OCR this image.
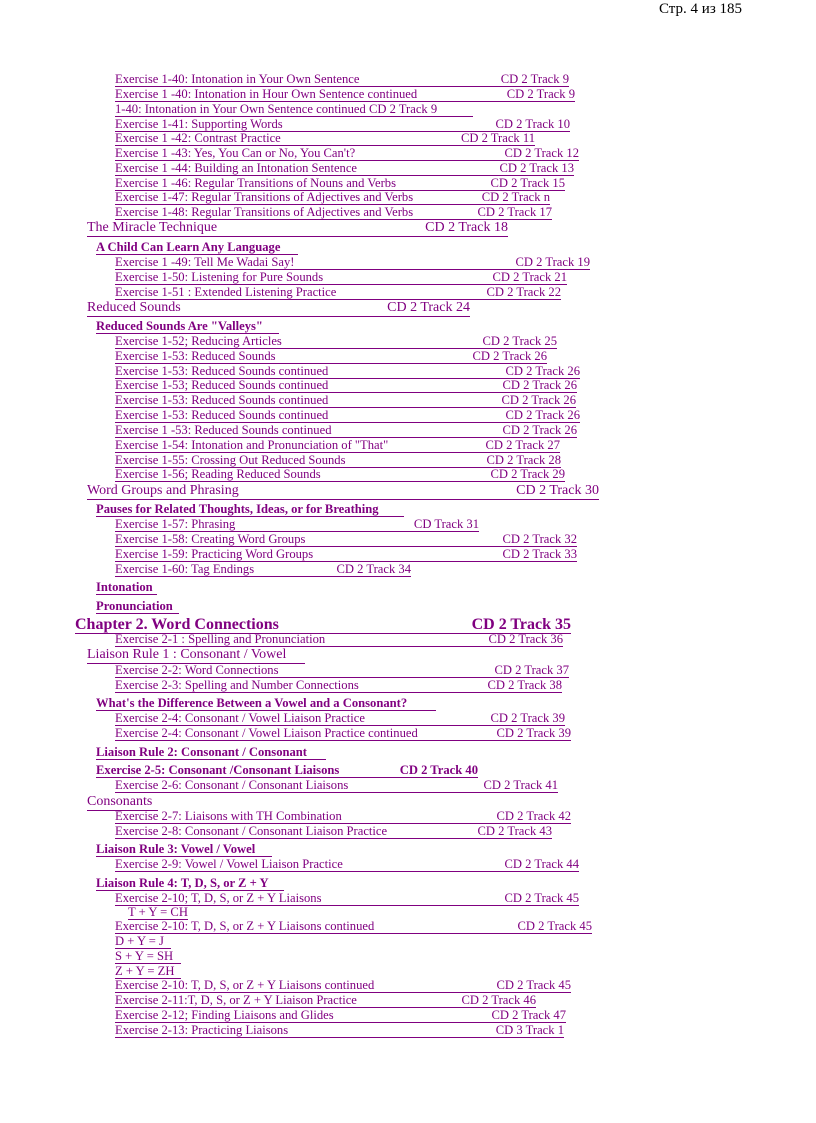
Стр. 4 из 185
Exercise 1-40: Intonation in Your Own Sentence	CD 2 Track 9
Exercise 1 -40: Intonation in Hour Own Sentence continued	CD 2 Track 9
1-40: Intonation in Your Own Sentence continued CD 2 Track 9
Exercise 1-41: Supporting Words	CD 2 Track 10
Exercise 1 -42: Contrast Practice	CD 2 Track 11
Exercise 1 -43: Yes, You Can or No, You Can't?	CD 2 Track 12
Exercise 1 -44: Building an Intonation Sentence	CD 2 Track 13
Exercise 1 -46: Regular Transitions of Nouns and Verbs	CD 2 Track 15
Exercise 1-47: Regular Transitions of Adjectives and Verbs	CD 2 Track n
Exercise 1-48: Regular Transitions of Adjectives and Verbs	CD 2 Track 17
The Miracle Technique	CD 2 Track 18
A Child Can Learn Any Language
Exercise 1 -49: Tell Me Wadai Say!	CD 2 Track 19
Exercise 1-50: Listening for Pure Sounds	CD 2 Track 21
Exercise 1-51 : Extended Listening Practice	CD 2 Track 22
Reduced Sounds	CD 2 Track 24
Reduced Sounds Are "Valleys"
Exercise 1-52; Reducing Articles	CD 2 Track 25
Exercise 1-53: Reduced Sounds	CD 2 Track 26
Exercise 1-53: Reduced Sounds continued	CD 2 Track 26
Exercise 1-53; Reduced Sounds continued	CD 2 Track 26
Exercise 1-53: Reduced Sounds continued	CD 2 Track 26
Exercise 1-53: Reduced Sounds continued	CD 2 Track 26
Exercise 1 -53: Reduced Sounds continued	CD 2 Track 26
Exercise 1-54: Intonation and Pronunciation of "That"	CD 2 Track 27
Exercise 1-55: Crossing Out Reduced Sounds	CD 2 Track 28
Exercise 1-56; Reading Reduced Sounds	CD 2 Track 29
Word Groups and Phrasing	CD 2 Track 30
Pauses for Related Thoughts, Ideas, or for Breathing
Exercise 1-57: Phrasing	CD Track 31
Exercise 1-58: Creating Word Groups	CD 2 Track 32
Exercise 1-59: Practicing Word Groups	CD 2 Track 33
Exercise 1-60: Tag Endings	CD 2 Track 34
Intonation
Pronunciation
Chapter 2. Word Connections	CD 2 Track 35
Exercise 2-1 : Spelling and Pronunciation	CD 2 Track 36
Liaison Rule 1 : Consonant / Vowel
Exercise 2-2: Word Connections	CD 2 Track 37
Exercise 2-3: Spelling and Number Connections	CD 2 Track 38
What's the Difference Between a Vowel and a Consonant?
Exercise 2-4: Consonant / Vowel Liaison Practice	CD 2 Track 39
Exercise 2-4: Consonant / Vowel Liaison Practice continued	CD 2 Track 39
Liaison Rule 2: Consonant / Consonant
Exercise 2-5: Consonant /Consonant Liaisons	CD 2 Track 40
Exercise 2-6: Consonant / Consonant Liaisons	CD 2 Track 41
Consonants
Exercise 2-7: Liaisons with TH Combination	CD 2 Track 42
Exercise 2-8: Consonant / Consonant Liaison Practice	CD 2 Track 43
Liaison Rule 3: Vowel / Vowel
Exercise 2-9: Vowel / Vowel Liaison Practice	CD 2 Track 44
Liaison Rule 4: T, D, S, or Z + Y
Exercise 2-10; T, D, S, or Z + Y Liaisons	CD 2 Track 45
T + Y = CH
Exercise 2-10: T, D, S, or Z + Y Liaisons continued	CD 2 Track 45
D + Y = J
S + Y = SH
Z + Y = ZH
Exercise 2-10: T, D, S, or Z + Y Liaisons continued	CD 2 Track 45
Exercise 2-11:T, D, S, or Z + Y Liaison Practice	CD 2 Track 46
Exercise 2-12; Finding Liaisons and Glides	CD 2 Track 47
Exercise 2-13: Practicing Liaisons	CD 3 Track 1
